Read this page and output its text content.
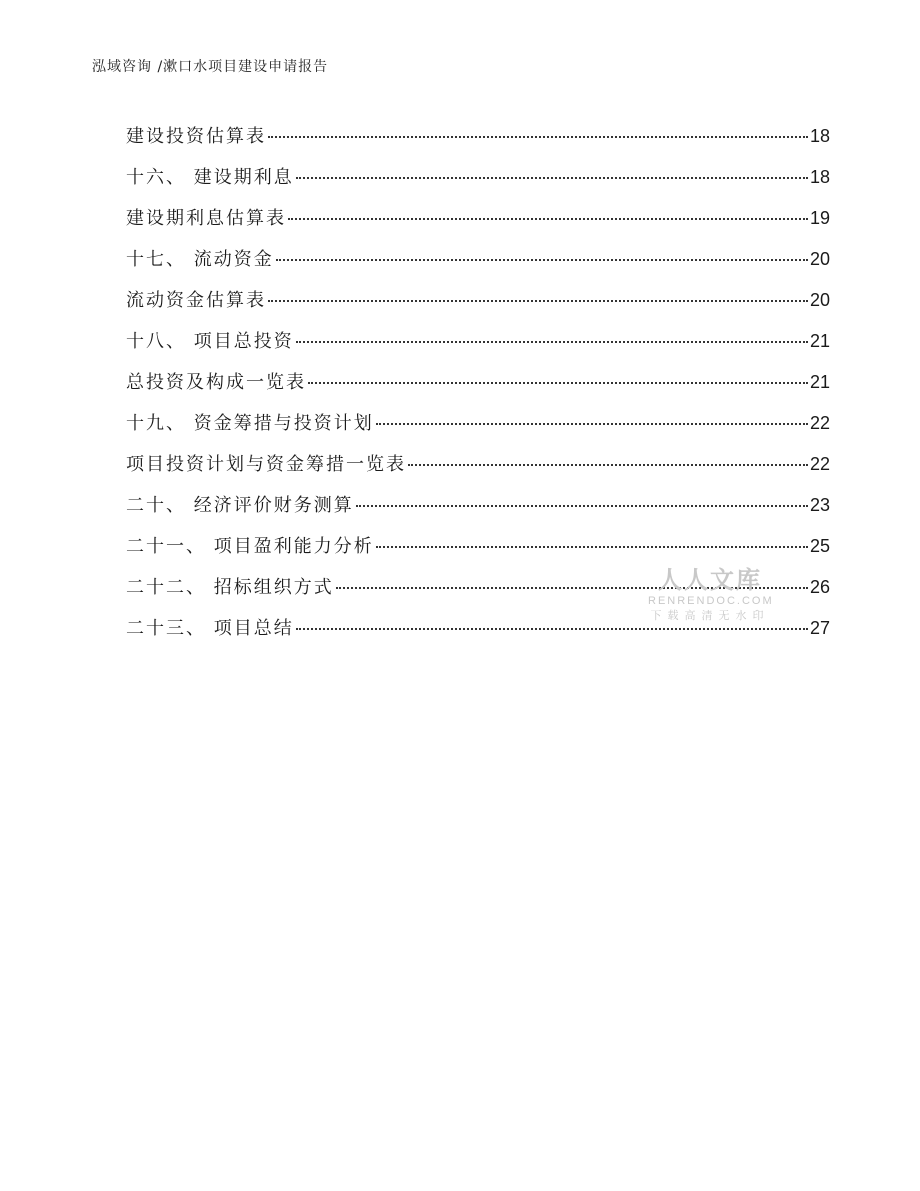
泓域咨询 /漱口水项目建设申请报告
建设投资估算表	18
十六、 建设期利息	18
建设期利息估算表	19
十七、 流动资金	20
流动资金估算表	20
十八、 项目总投资	21
总投资及构成一览表	21
十九、 资金筹措与投资计划	22
项目投资计划与资金筹措一览表	22
二十、 经济评价财务测算	23
二十一、 项目盈利能力分析	25
二十二、 招标组织方式	26
二十三、 项目总结	27
人人文库
RENRENDOC.COM
下载高清无水印
